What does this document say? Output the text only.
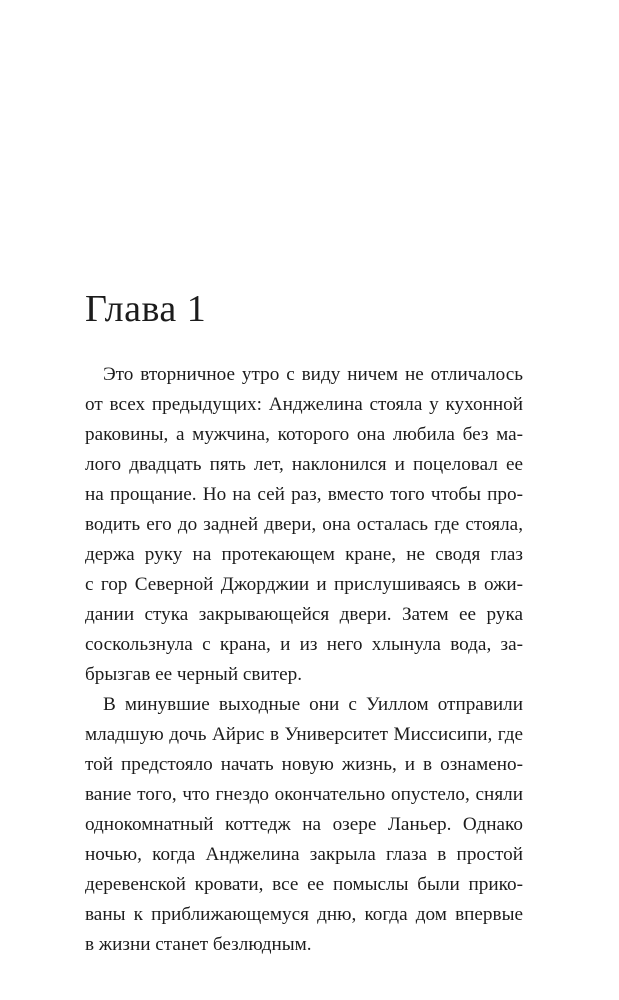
Глава 1

Это вторничное утро с виду ничем не отличалось
от всех предыдущих: Анджелина стояла у кухонной
раковины, а мужчина, которого она любила без ма-
лого двадцать пять лет, наклонился и поцеловал ее
на прощание. Но на сей раз, вместо того чтобы про-
водить его до задней двери, она осталась где стояла,
держа руку на протекающем кране, не сводя глаз
с гор Северной Джорджии и прислушиваясь в ожи-
дании стука закрывающейся двери. Затем ее рука
соскользнула с крана, и из него хлынула вода, за-
брызгав ее черный свитер.

В минувшие выходные они с Уиллом отправили
младшую дочь Айрис в Университет Миссисипи, где
той предстояло начать новую жизнь, и в ознамено-
вание того, что гнездо окончательно опустело, сняли
однокомнатный коттедж на озере Ланьер. Однако
ночью, когда Анджелина закрыла глаза в простой
деревенской кровати, все ее помыслы были прико-
ваны к приближающемуся дню, когда дом впервые
в жизни станет безлюдным.
